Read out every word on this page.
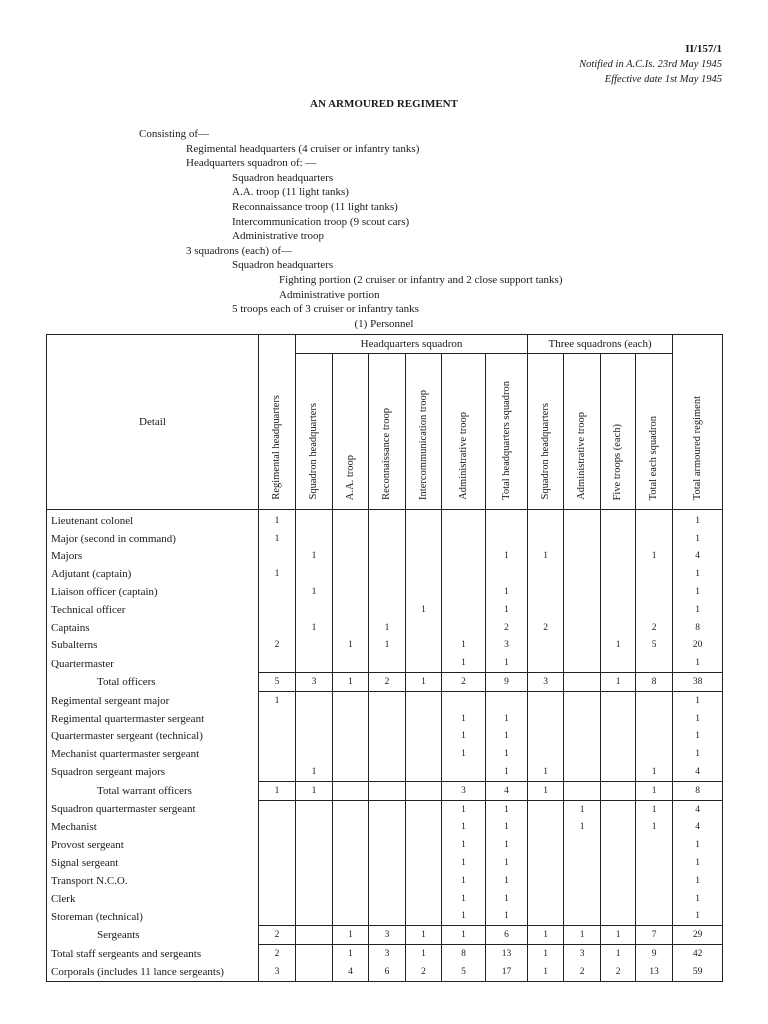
II/157/1
Notified in A.C.Is. 23rd May 1945
Effective date 1st May 1945
AN ARMOURED REGIMENT
Consisting of—
Regimental headquarters (4 cruiser or infantry tanks)
Headquarters squadron of: —
Squadron headquarters
A.A. troop (11 light tanks)
Reconnaissance troop (11 light tanks)
Intercommunication troop (9 scout cars)
Administrative troop
3 squadrons (each) of—
Squadron headquarters
Fighting portion (2 cruiser or infantry and 2 close support tanks)
Administrative portion
5 troops each of 3 cruiser or infantry tanks
(1) Personnel
Detail	Regimental headquarters	Headquarters squadron						Three squadrons (each)				Total armoured regiment
		Squadron headquarters	A.A. troop	Reconnaissance troop	Intercommunication troop	Administrative troop	Total headquarters squadron	Squadron headquarters	Administrative troop	Five troops (each)	Total each squadron	
Lieutenant colonel	1											1
Major (second in command)	1											1
Majors		1					1	1			1	4
Adjutant (captain)	1											1
Liaison officer (captain)		1					1					1
Technical officer					1		1					1
Captains		1		1			2	2			2	8
Subalterns	2		1	1		1	3			1	5	20
Quartermaster						1	1					1
Total officers	5	3	1	2	1	2	9	3		1	8	38
Regimental sergeant major	1											1
Regimental quartermaster sergeant						1	1					1
Quartermaster sergeant (technical)						1	1					1
Mechanist quartermaster sergeant						1	1					1
Squadron sergeant majors		1					1	1			1	4
Total warrant officers	1	1				3	4	1			1	8
Squadron quartermaster sergeant						1	1		1		1	4
Mechanist						1	1		1		1	4
Provost sergeant						1	1					1
Signal sergeant						1	1					1
Transport N.C.O.						1	1					1
Clerk						1	1					1
Storeman (technical)						1	1					1
Sergeants	2		1	3	1	1	6	1	1	1	7	29
Total staff sergeants and sergeants	2		1	3	1	8	13	1	3	1	9	42
Corporals (includes 11 lance sergeants)	3		4	6	2	5	17	1	2	2	13	59
